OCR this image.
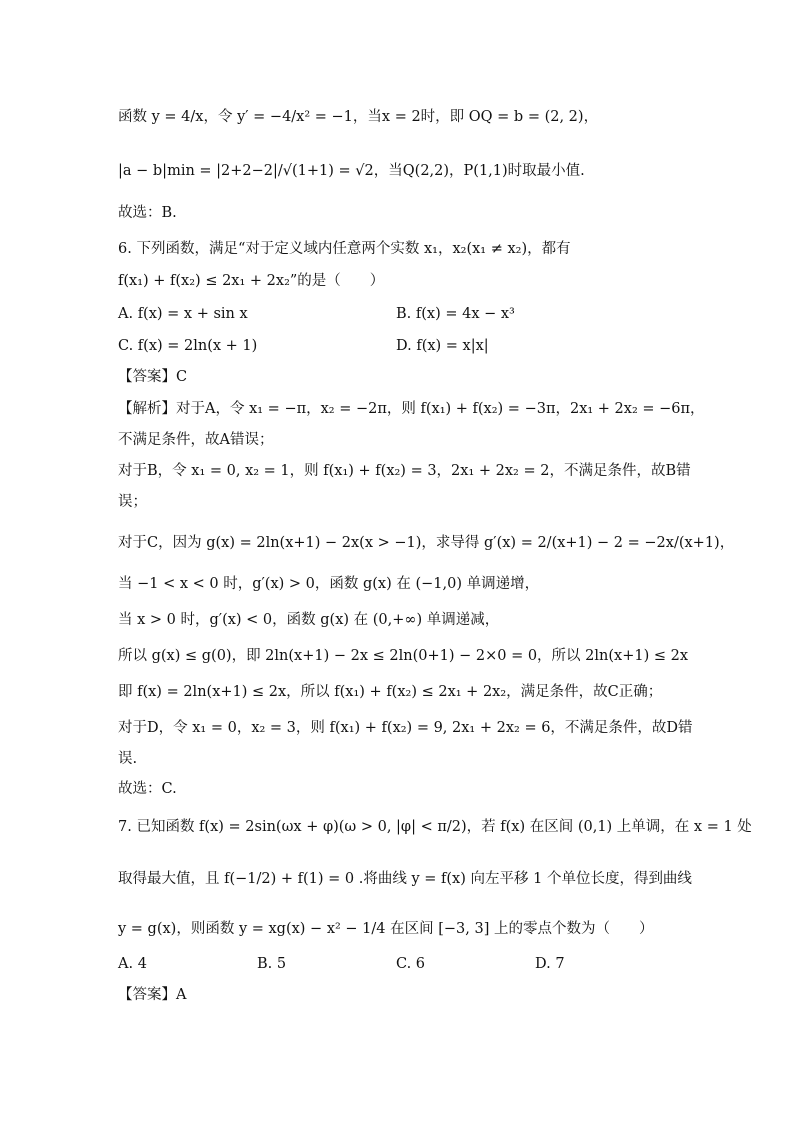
函数 y = 4/x，令 y′ = −4/x² = −1，当x = 2时，即 OQ = b = (2, 2)，
|a − b|min = |2+2−2|/√(1+1) = √2，当Q(2,2)，P(1,1)时取最小值.
故选：B.
6. 下列函数，满足“对于定义域内任意两个实数 x₁，x₂(x₁ ≠ x₂)，都有
f(x₁) + f(x₂) ≤ 2x₁ + 2x₂”的是（　　）
A. f(x) = x + sin x	B. f(x) = 4x − x³
C. f(x) = 2ln(x + 1)	D. f(x) = x|x|
【答案】C
【解析】对于A，令 x₁ = −π，x₂ = −2π，则 f(x₁) + f(x₂) = −3π，2x₁ + 2x₂ = −6π，
不满足条件，故A错误；
对于B，令 x₁ = 0, x₂ = 1，则 f(x₁) + f(x₂) = 3，2x₁ + 2x₂ = 2，不满足条件，故B错
误；
对于C，因为 g(x) = 2ln(x+1) − 2x(x > −1)，求导得 g′(x) = 2/(x+1) − 2 = −2x/(x+1)，
当 −1 < x < 0 时，g′(x) > 0，函数 g(x) 在 (−1,0) 单调递增，
当 x > 0 时，g′(x) < 0，函数 g(x) 在 (0,+∞) 单调递减，
所以 g(x) ≤ g(0)，即 2ln(x+1) − 2x ≤ 2ln(0+1) − 2×0 = 0，所以 2ln(x+1) ≤ 2x
即 f(x) = 2ln(x+1) ≤ 2x，所以 f(x₁) + f(x₂) ≤ 2x₁ + 2x₂，满足条件，故C正确；
对于D，令 x₁ = 0，x₂ = 3，则 f(x₁) + f(x₂) = 9, 2x₁ + 2x₂ = 6，不满足条件，故D错
误.
故选：C.
7. 已知函数 f(x) = 2sin(ωx + φ)(ω > 0, |φ| < π/2)，若 f(x) 在区间 (0,1) 上单调，在 x = 1 处
取得最大值，且 f(−1/2) + f(1) = 0 .将曲线 y = f(x) 向左平移 1 个单位长度，得到曲线
y = g(x)，则函数 y = xg(x) − x² − 1/4 在区间 [−3, 3] 上的零点个数为（　　）
A. 4	B. 5	C. 6	D. 7
【答案】A
